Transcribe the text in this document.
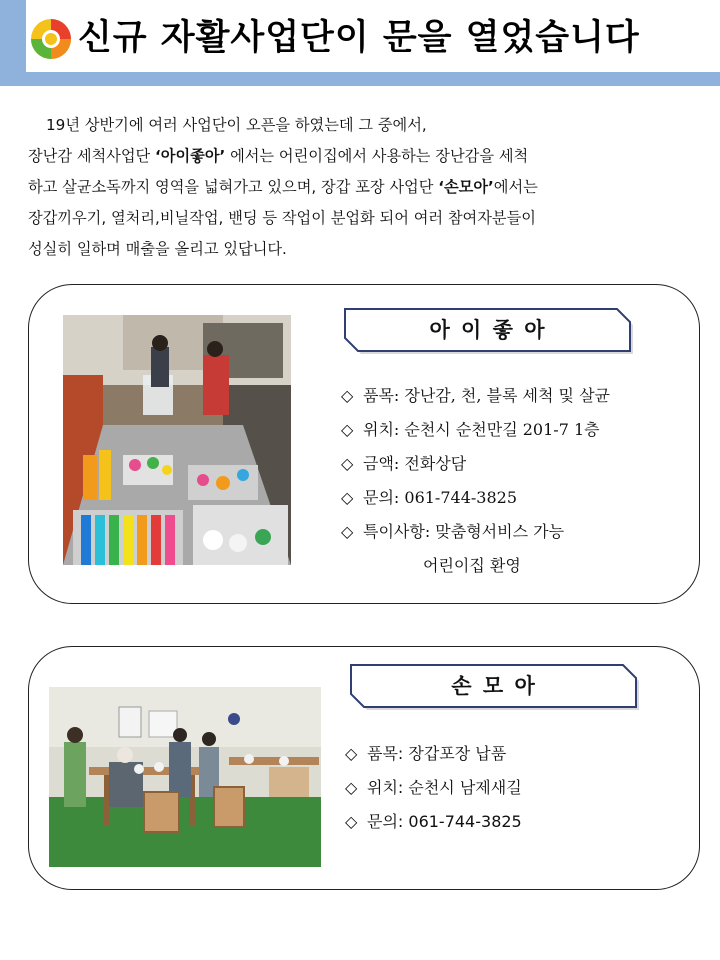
신규 자활사업단이 문을 열었습니다

19년 상반기에 여러 사업단이 오픈을 하였는데 그 중에서,

장난감 세척사업단 ‘아이좋아’ 에서는 어린이집에서 사용하는 장난감을 세척

하고 살균소독까지 영역을 넓혀가고 있으며, 장갑 포장 사업단 ‘손모아’에서는

장갑끼우기, 열처리,비닐작업, 밴딩 등 작업이 분업화 되어 여러 참여자분들이

성실히 일하며 매출을 올리고 있답니다.

아 이 좋 아
◇ 품목: 장난감, 천, 블록 세척 및 살균
◇ 위치: 순천시 순천만길 201-7 1층
◇ 금액: 전화상담
◇ 문의: 061-744-3825
◇ 특이사항: 맞춤형서비스 가능
어린이집 환영
손 모 아
◇ 품목: 장갑포장 납품
◇ 위치: 순천시 남제새길
◇ 문의: 061-744-3825
